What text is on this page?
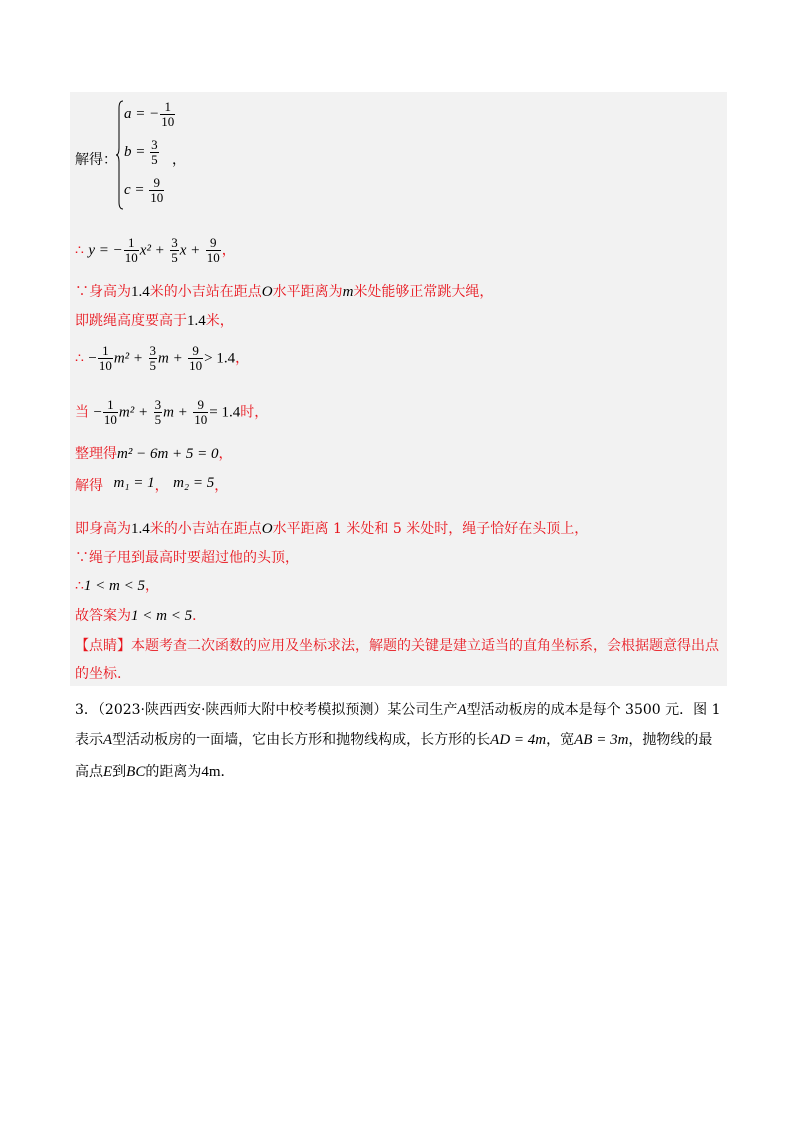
解得：
a = − $\frac{1}{10}$
$b = \frac{3}{5}$ ，
$c = \frac{9}{10}$
∴ y = − $\frac{1}{10} x^2 + \frac{3}{5}$ $x + \frac{9}{10}$ ，
∵身高为1.4米的小吉站在距点O水平距离为m米处能够正常跳大绳，
即跳绳高度要高于1.4米，
∴ − $\frac{1}{10} m^2 + \frac{3}{5}$ $m + \frac{9}{10} > 1.4$，
当 − $\frac{1}{10} m^2 + \frac{3}{5}$ $m + \frac{9}{10} = 1.4$时，
整理得m² − 6m + 5 = 0，
解得 m₁ = 1， m₂ = 5，
即身高为1.4米的小吉站在距点O水平距离 1 米处和 5 米处时，绳子恰好在头顶上，
∵绳子甩到最高时要超过他的头顶，
∴1 < m < 5，
故答案为1 < m < 5．
【点睛】本题考查二次函数的应用及坐标求法，解题的关键是建立适当的直角坐标系，会根据题意得出点
的坐标.
3．（2023·陕西西安·陕西师大附中校考模拟预测）某公司生产A型活动板房的成本是每个 3500 元．图 1
表示A型活动板房的一面墙，它由长方形和抛物线构成，长方形的长AD = 4m，宽AB = 3m，抛物线的最
高点E到BC的距离为4m．
